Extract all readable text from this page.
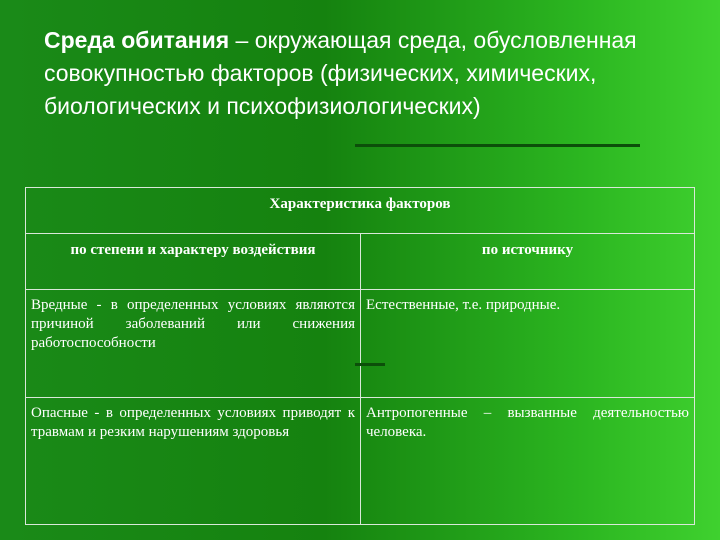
Среда обитания – окружающая среда, обусловленная совокупностью факторов (физических, химических, биологических и психофизиологических)
Характеристика факторов	
по степени и характеру воздействия	по источнику
Вредные - в определенных условиях являются причиной заболеваний или снижения работоспособности	Естественные, т.е. природные.
Опасные - в определенных условиях приводят к травмам и резким нарушениям здоровья	Антропогенные – вызванные деятельностью человека.
